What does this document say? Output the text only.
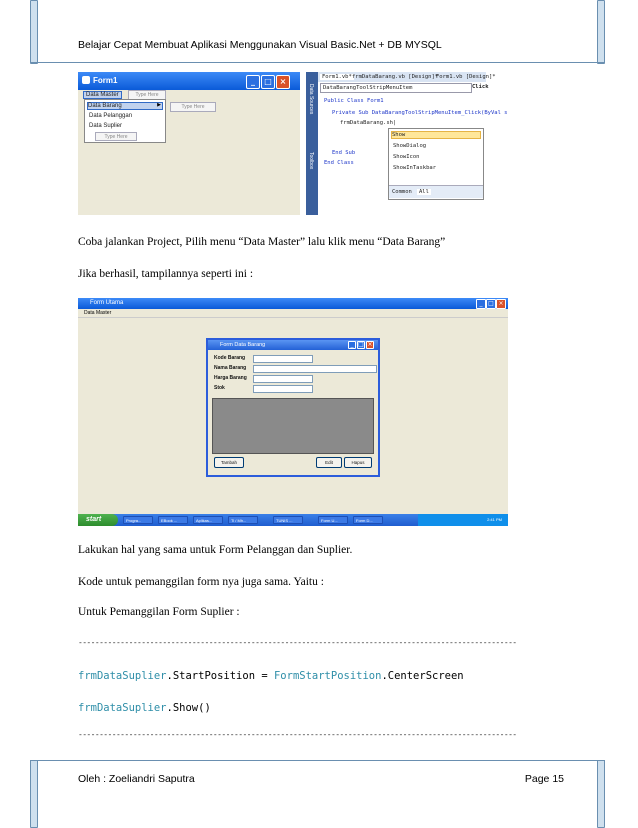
Belajar Cepat Membuat Aplikasi Menggunakan Visual Basic.Net + DB MYSQL
Form1	_	□ ×
Data Master	Type Here
Data Barang	▶
Data Pelanggan
Data Suplier
Type Here
Type Here	Data Sources
Toolbox
Form1.vb* frmDataBarang.vb [Design]*
Form1.vb [Design]*
DataBarangToolStripMenuItem	Click
Public Class Form1
Private Sub DataBarangToolStripMenuItem_Click(ByVal s
frmDataBarang.sh|
End Sub
End Class
Show
ShowDialog
ShowIcon
ShowInTaskbar
Common	All
Coba jalankan Project, Pilih menu “Data Master” lalu klik menu “Data Barang”
Jika berhasil, tampilannya seperti ini :
Form Utama	_ □ ×
Data Master
Form Data Barang	_ □ ×
Kode Barang
Nama Barang
Harga Barang
Stok
Tambah	Edit	Hapus
start	Progra...	EBook ...	Aplikas...	Ti / Mh...	TUNIS ...	Form U...	Form D...	2:41 PM
Lakukan hal yang sama untuk Form Pelanggan dan Suplier.
Kode untuk pemanggilan form nya juga sama. Yaitu :
Untuk Pemanggilan Form Suplier :
--------------------------------------------------------------------------------------------------------
frmDataSuplier.StartPosition = FormStartPosition.CenterScreen
frmDataSuplier.Show()
--------------------------------------------------------------------------------------------------------
Oleh : Zoeliandri Saputra	Page 15
